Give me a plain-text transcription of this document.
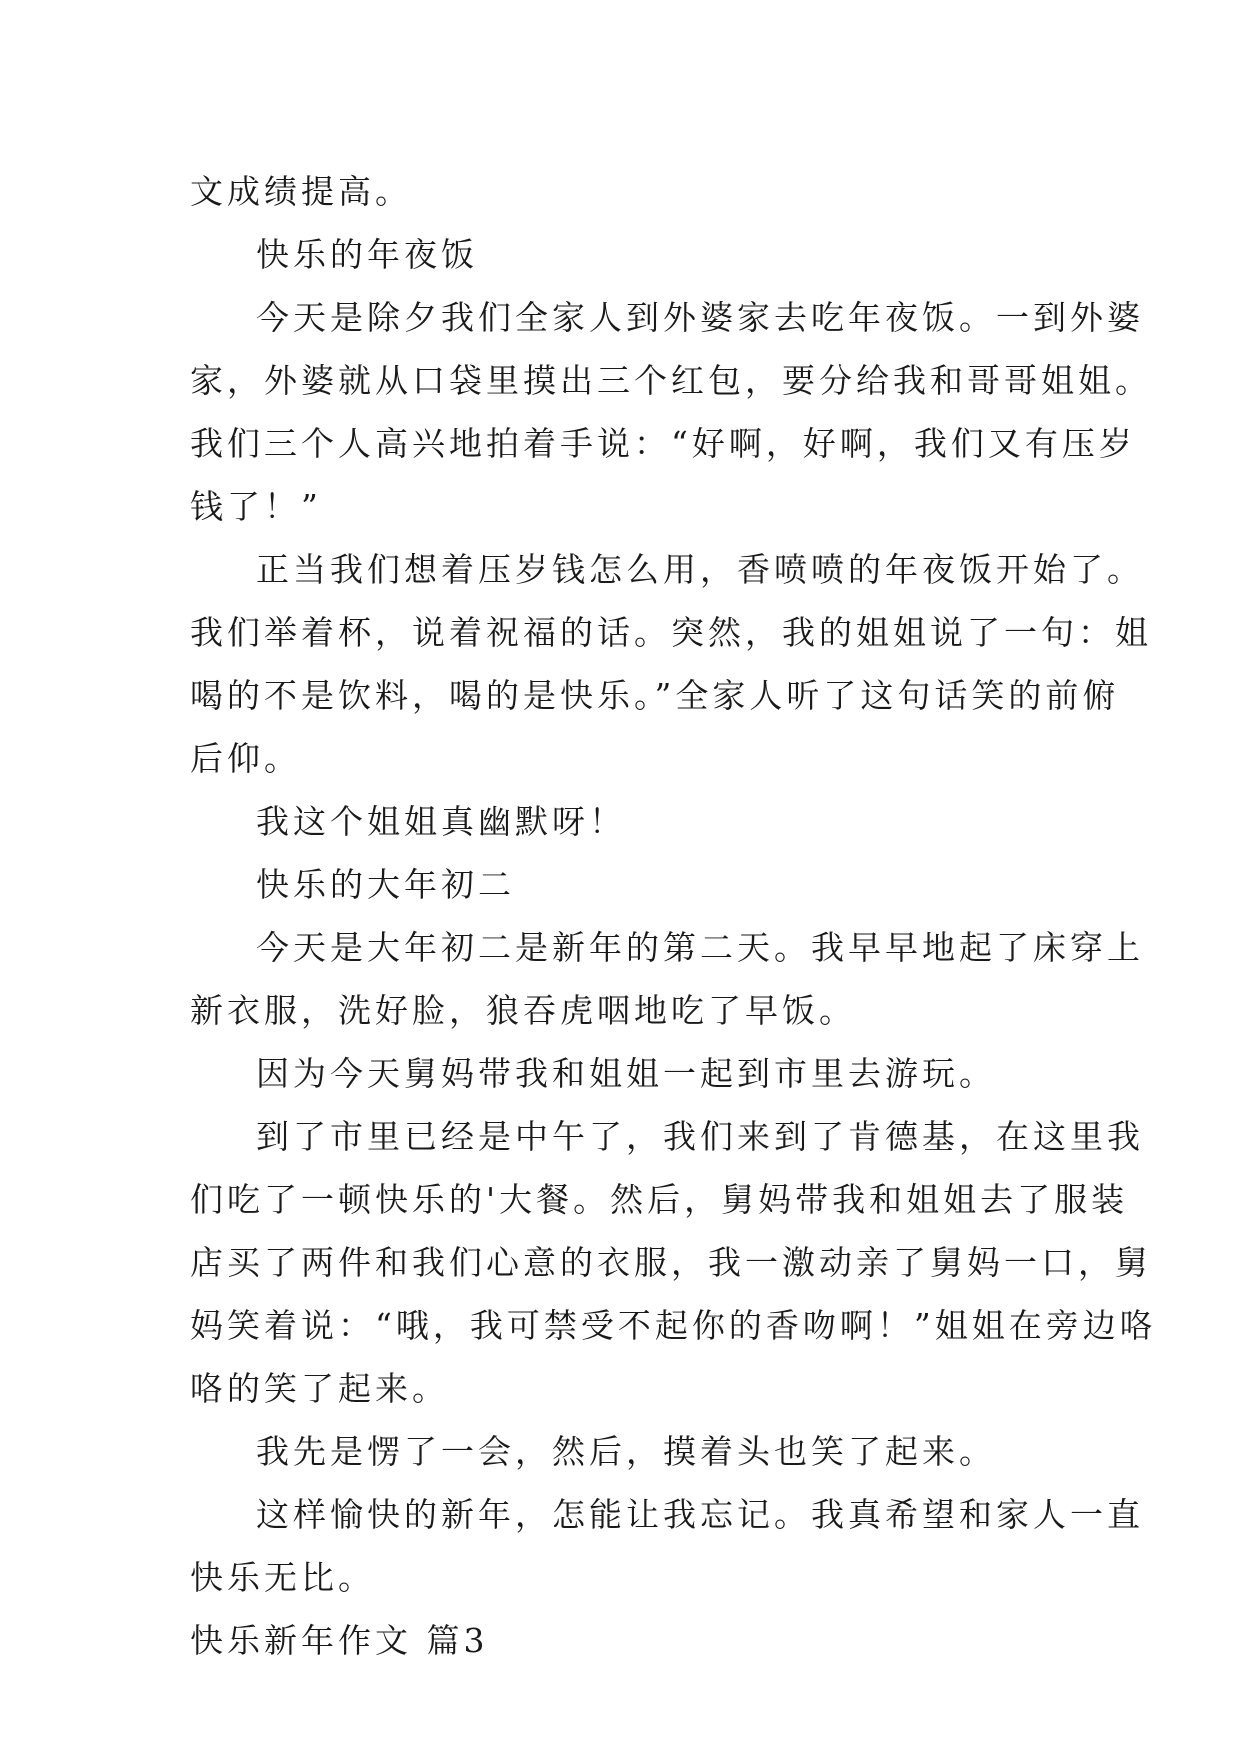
文成绩提高。
快乐的年夜饭
今天是除夕我们全家人到外婆家去吃年夜饭。一到外婆
家，外婆就从口袋里摸出三个红包，要分给我和哥哥姐姐。
我们三个人高兴地拍着手说：“好啊，好啊，我们又有压岁
钱了！”
正当我们想着压岁钱怎么用，香喷喷的年夜饭开始了。
我们举着杯，说着祝福的话。突然，我的姐姐说了一句：姐
喝的不是饮料，喝的是快乐。”全家人听了这句话笑的前俯
后仰。
我这个姐姐真幽默呀！
快乐的大年初二
今天是大年初二是新年的第二天。我早早地起了床穿上
新衣服，洗好脸，狼吞虎咽地吃了早饭。
因为今天舅妈带我和姐姐一起到市里去游玩。
到了市里已经是中午了，我们来到了肯德基，在这里我
们吃了一顿快乐的'大餐。然后，舅妈带我和姐姐去了服装
店买了两件和我们心意的衣服，我一激动亲了舅妈一口，舅
妈笑着说：“哦，我可禁受不起你的香吻啊！”姐姐在旁边咯
咯的笑了起来。
我先是愣了一会，然后，摸着头也笑了起来。
这样愉快的新年，怎能让我忘记。我真希望和家人一直
快乐无比。
快乐新年作文 篇3
